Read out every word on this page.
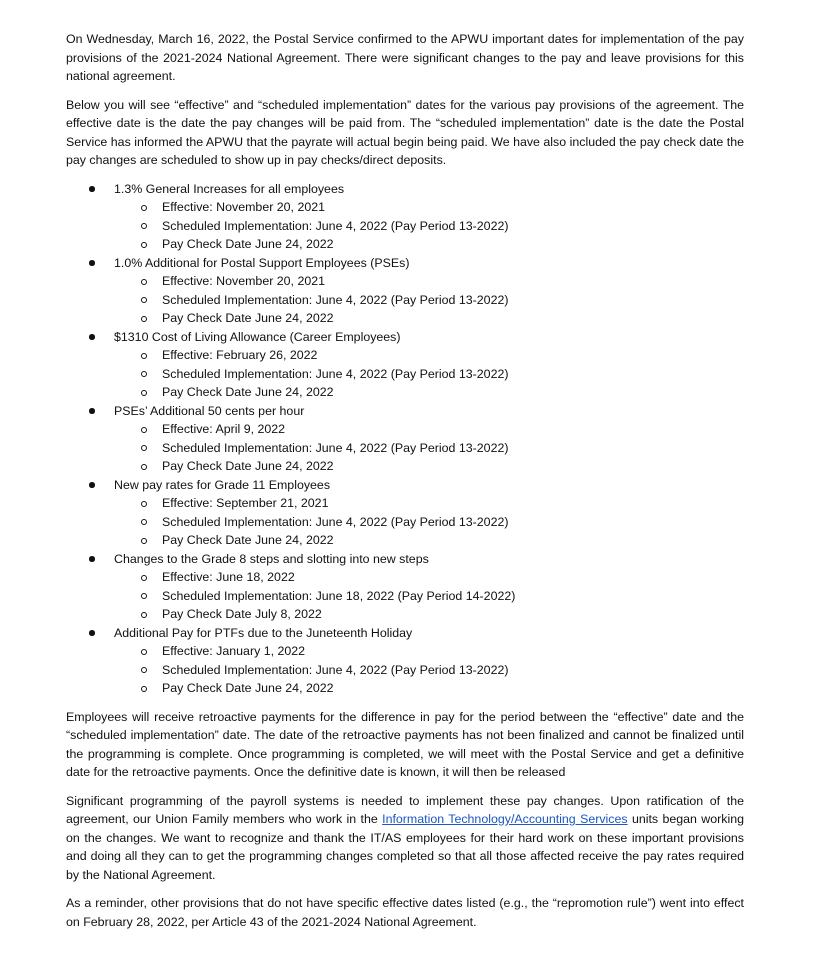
On Wednesday, March 16, 2022, the Postal Service confirmed to the APWU important dates for implementation of the pay provisions of the 2021-2024 National Agreement. There were significant changes to the pay and leave provisions for this national agreement.

Below you will see “effective” and “scheduled implementation” dates for the various pay provisions of the agreement. The effective date is the date the pay changes will be paid from. The “scheduled implementation” date is the date the Postal Service has informed the APWU that the payrate will actual begin being paid. We have also included the pay check date the pay changes are scheduled to show up in pay checks/direct deposits.

1.3% General Increases for all employees
Effective: November 20, 2021
Scheduled Implementation: June 4, 2022 (Pay Period 13-2022)
Pay Check Date June 24, 2022
1.0% Additional for Postal Support Employees (PSEs)
Effective: November 20, 2021
Scheduled Implementation: June 4, 2022 (Pay Period 13-2022)
Pay Check Date June 24, 2022
$1310 Cost of Living Allowance (Career Employees)
Effective: February 26, 2022
Scheduled Implementation: June 4, 2022 (Pay Period 13-2022)
Pay Check Date June 24, 2022
PSEs’ Additional 50 cents per hour
Effective: April 9, 2022
Scheduled Implementation: June 4, 2022 (Pay Period 13-2022)
Pay Check Date June 24, 2022
New pay rates for Grade 11 Employees
Effective: September 21, 2021
Scheduled Implementation: June 4, 2022 (Pay Period 13-2022)
Pay Check Date June 24, 2022
Changes to the Grade 8 steps and slotting into new steps
Effective: June 18, 2022
Scheduled Implementation: June 18, 2022 (Pay Period 14-2022)
Pay Check Date July 8, 2022
Additional Pay for PTFs due to the Juneteenth Holiday
Effective: January 1, 2022
Scheduled Implementation: June 4, 2022 (Pay Period 13-2022)
Pay Check Date June 24, 2022

Employees will receive retroactive payments for the difference in pay for the period between the “effective” date and the “scheduled implementation” date. The date of the retroactive payments has not been finalized and cannot be finalized until the programming is complete. Once programming is completed, we will meet with the Postal Service and get a definitive date for the retroactive payments. Once the definitive date is known, it will then be released

Significant programming of the payroll systems is needed to implement these pay changes. Upon ratification of the agreement, our Union Family members who work in the Information Technology/Accounting Services units began working on the changes. We want to recognize and thank the IT/AS employees for their hard work on these important provisions and doing all they can to get the programming changes completed so that all those affected receive the pay rates required by the National Agreement.

As a reminder, other provisions that do not have specific effective dates listed (e.g., the “repromotion rule”) went into effect on February 28, 2022, per Article 43 of the 2021-2024 National Agreement.
